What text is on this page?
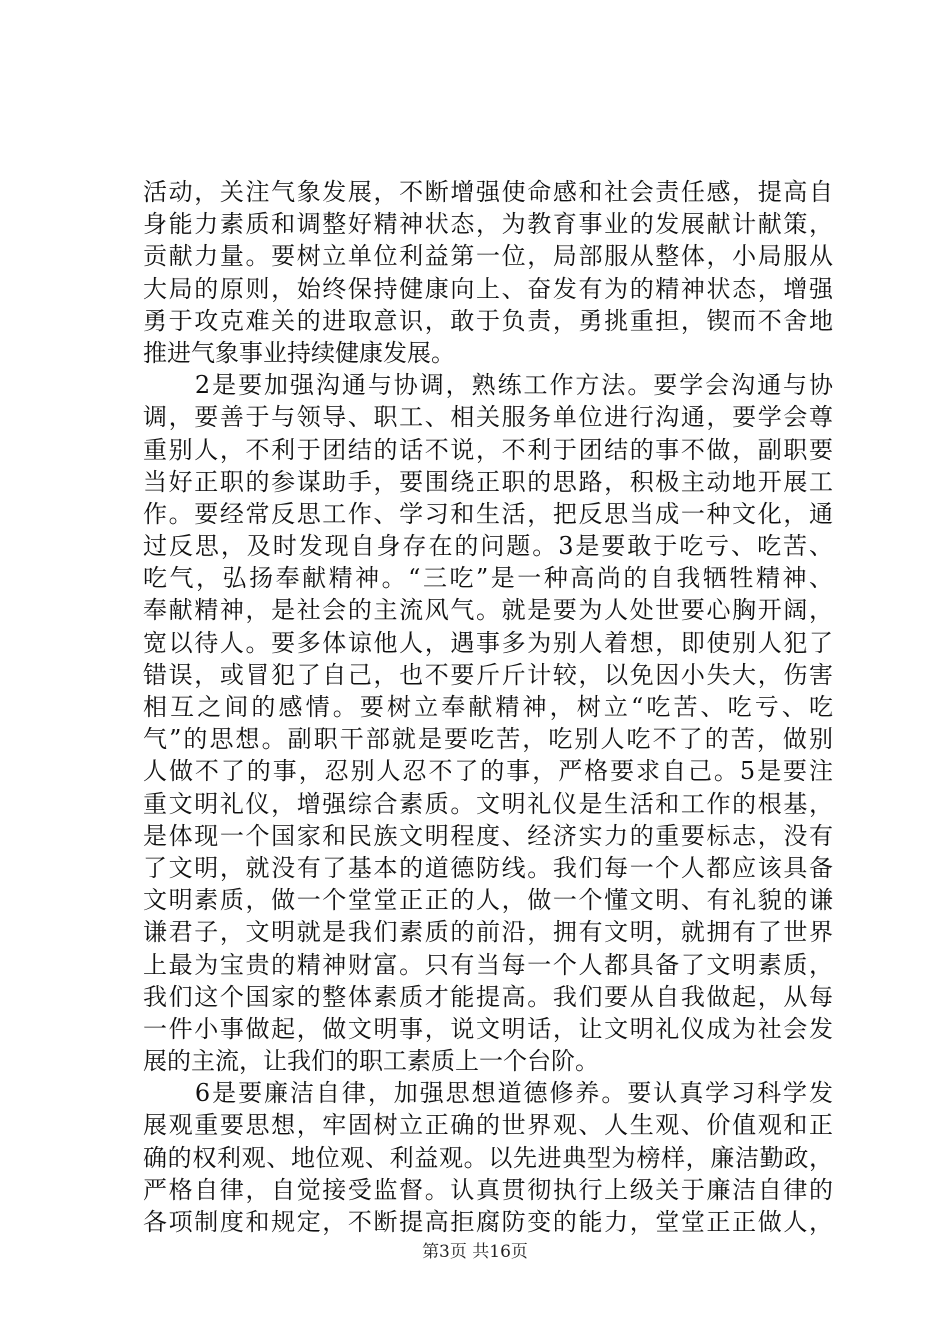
活动，关注气象发展，不断增强使命感和社会责任感，提高自
身能力素质和调整好精神状态，为教育事业的发展献计献策，
贡献力量。要树立单位利益第一位，局部服从整体，小局服从
大局的原则，始终保持健康向上、奋发有为的精神状态，增强
勇于攻克难关的进取意识，敢于负责，勇挑重担，锲而不舍地
推进气象事业持续健康发展。
　　2是要加强沟通与协调，熟练工作方法。要学会沟通与协
调，要善于与领导、职工、相关服务单位进行沟通，要学会尊
重别人，不利于团结的话不说，不利于团结的事不做，副职要
当好正职的参谋助手，要围绕正职的思路，积极主动地开展工
作。要经常反思工作、学习和生活，把反思当成一种文化，通
过反思，及时发现自身存在的问题。3是要敢于吃亏、吃苦、
吃气，弘扬奉献精神。“三吃”是一种高尚的自我牺牲精神、
奉献精神，是社会的主流风气。就是要为人处世要心胸开阔，
宽以待人。要多体谅他人，遇事多为别人着想，即使别人犯了
错误，或冒犯了自己，也不要斤斤计较，以免因小失大，伤害
相互之间的感情。要树立奉献精神，树立“吃苦、吃亏、吃
气”的思想。副职干部就是要吃苦，吃别人吃不了的苦，做别
人做不了的事，忍别人忍不了的事，严格要求自己。5是要注
重文明礼仪，增强综合素质。文明礼仪是生活和工作的根基，
是体现一个国家和民族文明程度、经济实力的重要标志，没有
了文明，就没有了基本的道德防线。我们每一个人都应该具备
文明素质，做一个堂堂正正的人，做一个懂文明、有礼貌的谦
谦君子，文明就是我们素质的前沿，拥有文明，就拥有了世界
上最为宝贵的精神财富。只有当每一个人都具备了文明素质，
我们这个国家的整体素质才能提高。我们要从自我做起，从每
一件小事做起，做文明事，说文明话，让文明礼仪成为社会发
展的主流，让我们的职工素质上一个台阶。
　　6是要廉洁自律，加强思想道德修养。要认真学习科学发
展观重要思想，牢固树立正确的世界观、人生观、价值观和正
确的权利观、地位观、利益观。以先进典型为榜样，廉洁勤政，
严格自律，自觉接受监督。认真贯彻执行上级关于廉洁自律的
各项制度和规定，不断提高拒腐防变的能力，堂堂正正做人，
第3页 共16页
